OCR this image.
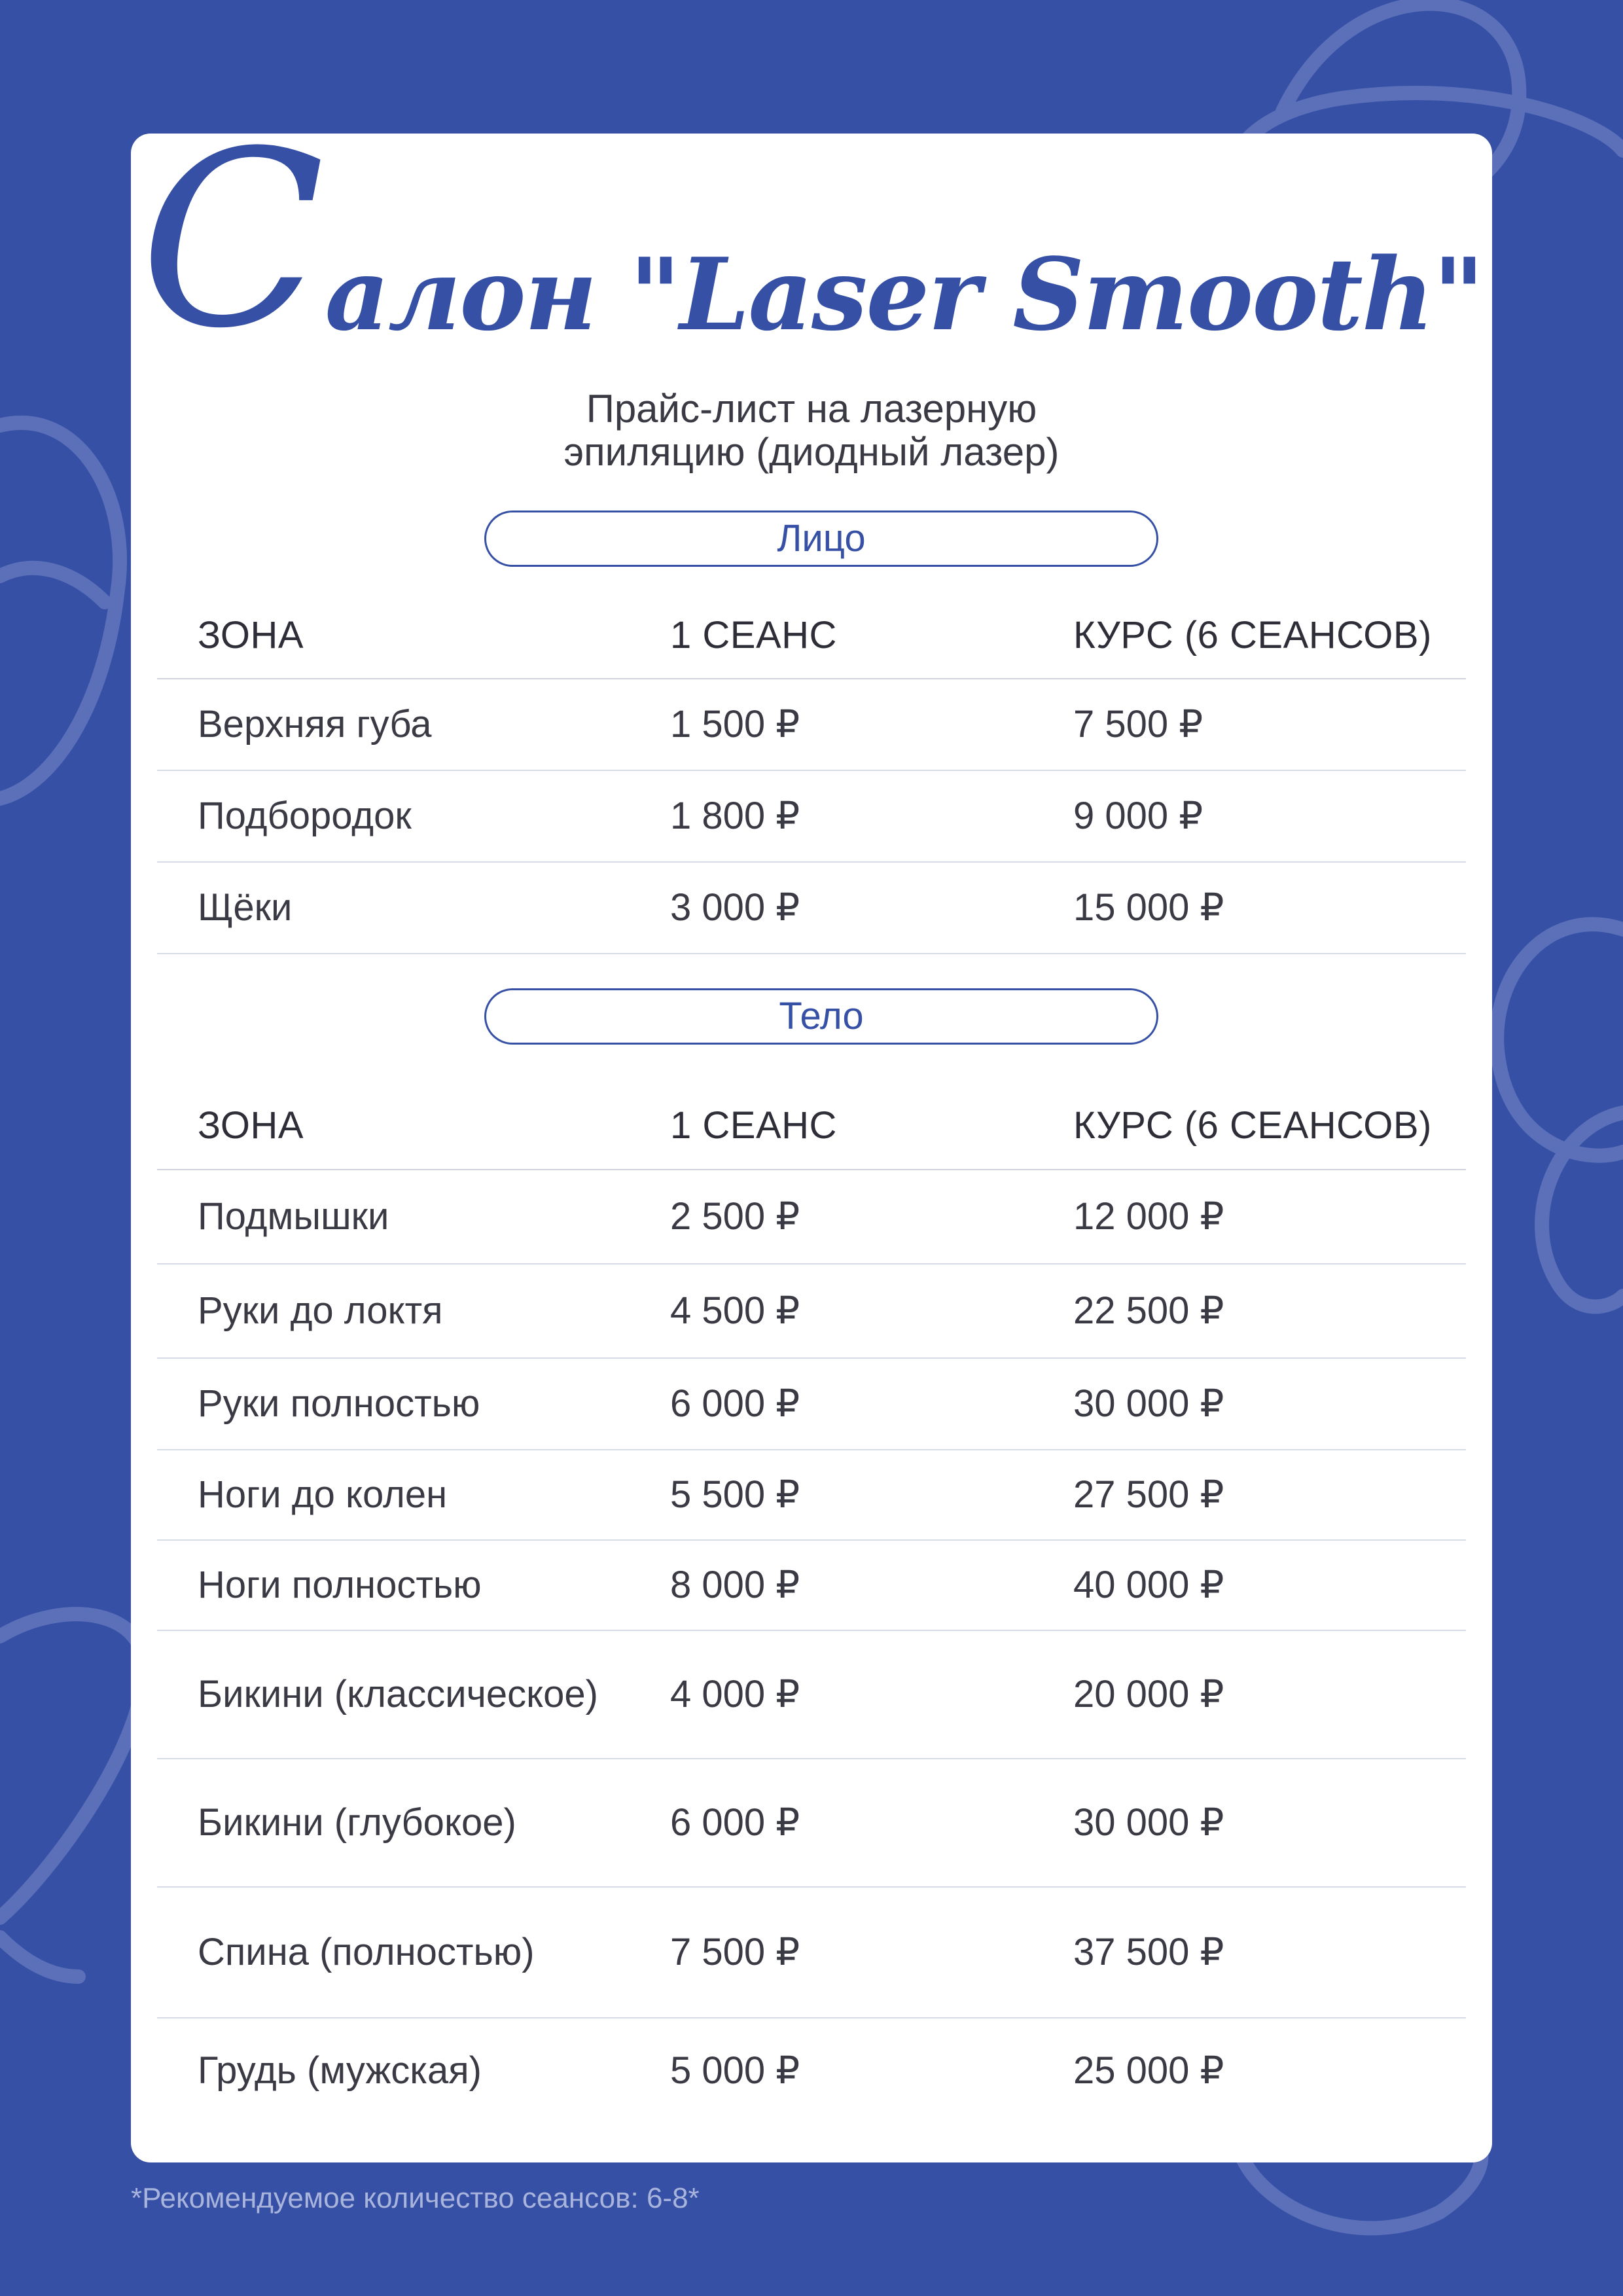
Салон "Laser Smooth"
Прайс-лист на лазерную
эпиляцию (диодный лазер)
Лицо
ЗОНА	1 СЕАНС	КУРС (6 СЕАНСОВ)
Верхняя губа	1 500 ₽	7 500 ₽
Подбородок	1 800 ₽	9 000 ₽
Щёки	3 000 ₽	15 000 ₽
Тело
ЗОНА	1 СЕАНС	КУРС (6 СЕАНСОВ)
Подмышки	2 500 ₽	12 000 ₽
Руки до локтя	4 500 ₽	22 500 ₽
Руки полностью	6 000 ₽	30 000 ₽
Ноги до колен	5 500 ₽	27 500 ₽
Ноги полностью	8 000 ₽	40 000 ₽
Бикини (классическое)	4 000 ₽	20 000 ₽
Бикини (глубокое)	6 000 ₽	30 000 ₽
Спина (полностью)	7 500 ₽	37 500 ₽
Грудь (мужская)	5 000 ₽	25 000 ₽
*Рекомендуемое количество сеансов: 6-8*
